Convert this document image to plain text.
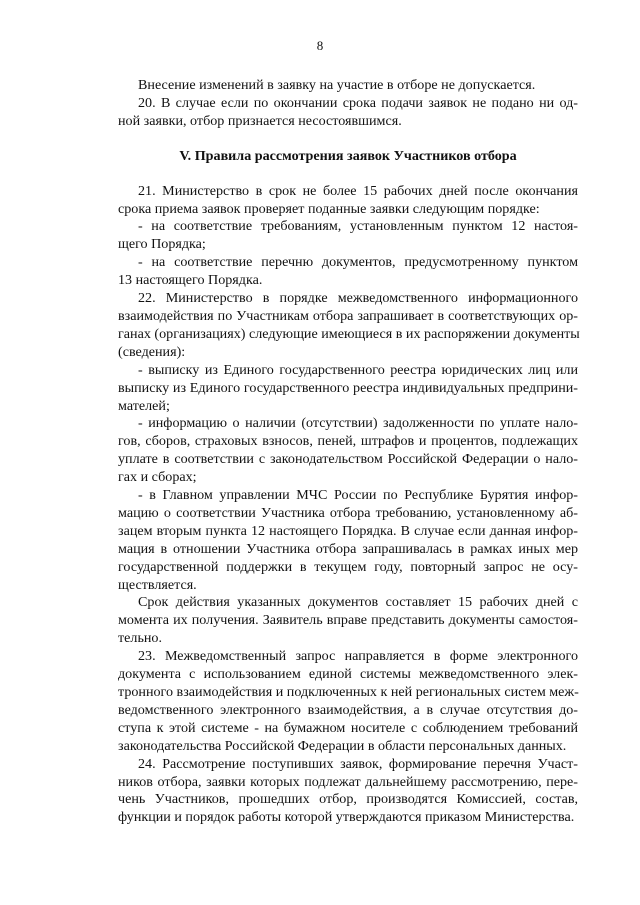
8
Внесение изменений в заявку на участие в отборе не допускается.
20. В случае если по окончании срока подачи заявок не подано ни од-
ной заявки, отбор признается несостоявшимся.
V. Правила рассмотрения заявок Участников отбора
21. Министерство в срок не более 15 рабочих дней после окончания
срока приема заявок проверяет поданные заявки следующим порядке:
- на соответствие требованиям, установленным пунктом 12 настоя-
щего Порядка;
- на соответствие перечню документов, предусмотренному пунктом
13 настоящего Порядка.
22. Министерство в порядке межведомственного информационного
взаимодействия по Участникам отбора запрашивает в соответствующих ор-
ганах (организациях) следующие имеющиеся в их распоряжении документы
(сведения):
- выписку из Единого государственного реестра юридических лиц или
выписку из Единого государственного реестра индивидуальных предприни-
мателей;
- информацию о наличии (отсутствии) задолженности по уплате нало-
гов, сборов, страховых взносов, пеней, штрафов и процентов, подлежащих
уплате в соответствии с законодательством Российской Федерации о нало-
гах и сборах;
- в Главном управлении МЧС России по Республике Бурятия инфор-
мацию о соответствии Участника отбора требованию, установленному аб-
зацем вторым пункта 12 настоящего Порядка. В случае если данная инфор-
мация в отношении Участника отбора запрашивалась в рамках иных мер
государственной поддержки в текущем году, повторный запрос не осу-
ществляется.
Срок действия указанных документов составляет 15 рабочих дней с
момента их получения. Заявитель вправе представить документы самостоя-
тельно.
23. Межведомственный запрос направляется в форме электронного
документа с использованием единой системы межведомственного элек-
тронного взаимодействия и подключенных к ней региональных систем меж-
ведомственного электронного взаимодействия, а в случае отсутствия до-
ступа к этой системе - на бумажном носителе с соблюдением требований
законодательства Российской Федерации в области персональных данных.
24. Рассмотрение поступивших заявок, формирование перечня Участ-
ников отбора, заявки которых подлежат дальнейшему рассмотрению, пере-
чень Участников, прошедших отбор, производятся Комиссией, состав,
функции и порядок работы которой утверждаются приказом Министерства.
